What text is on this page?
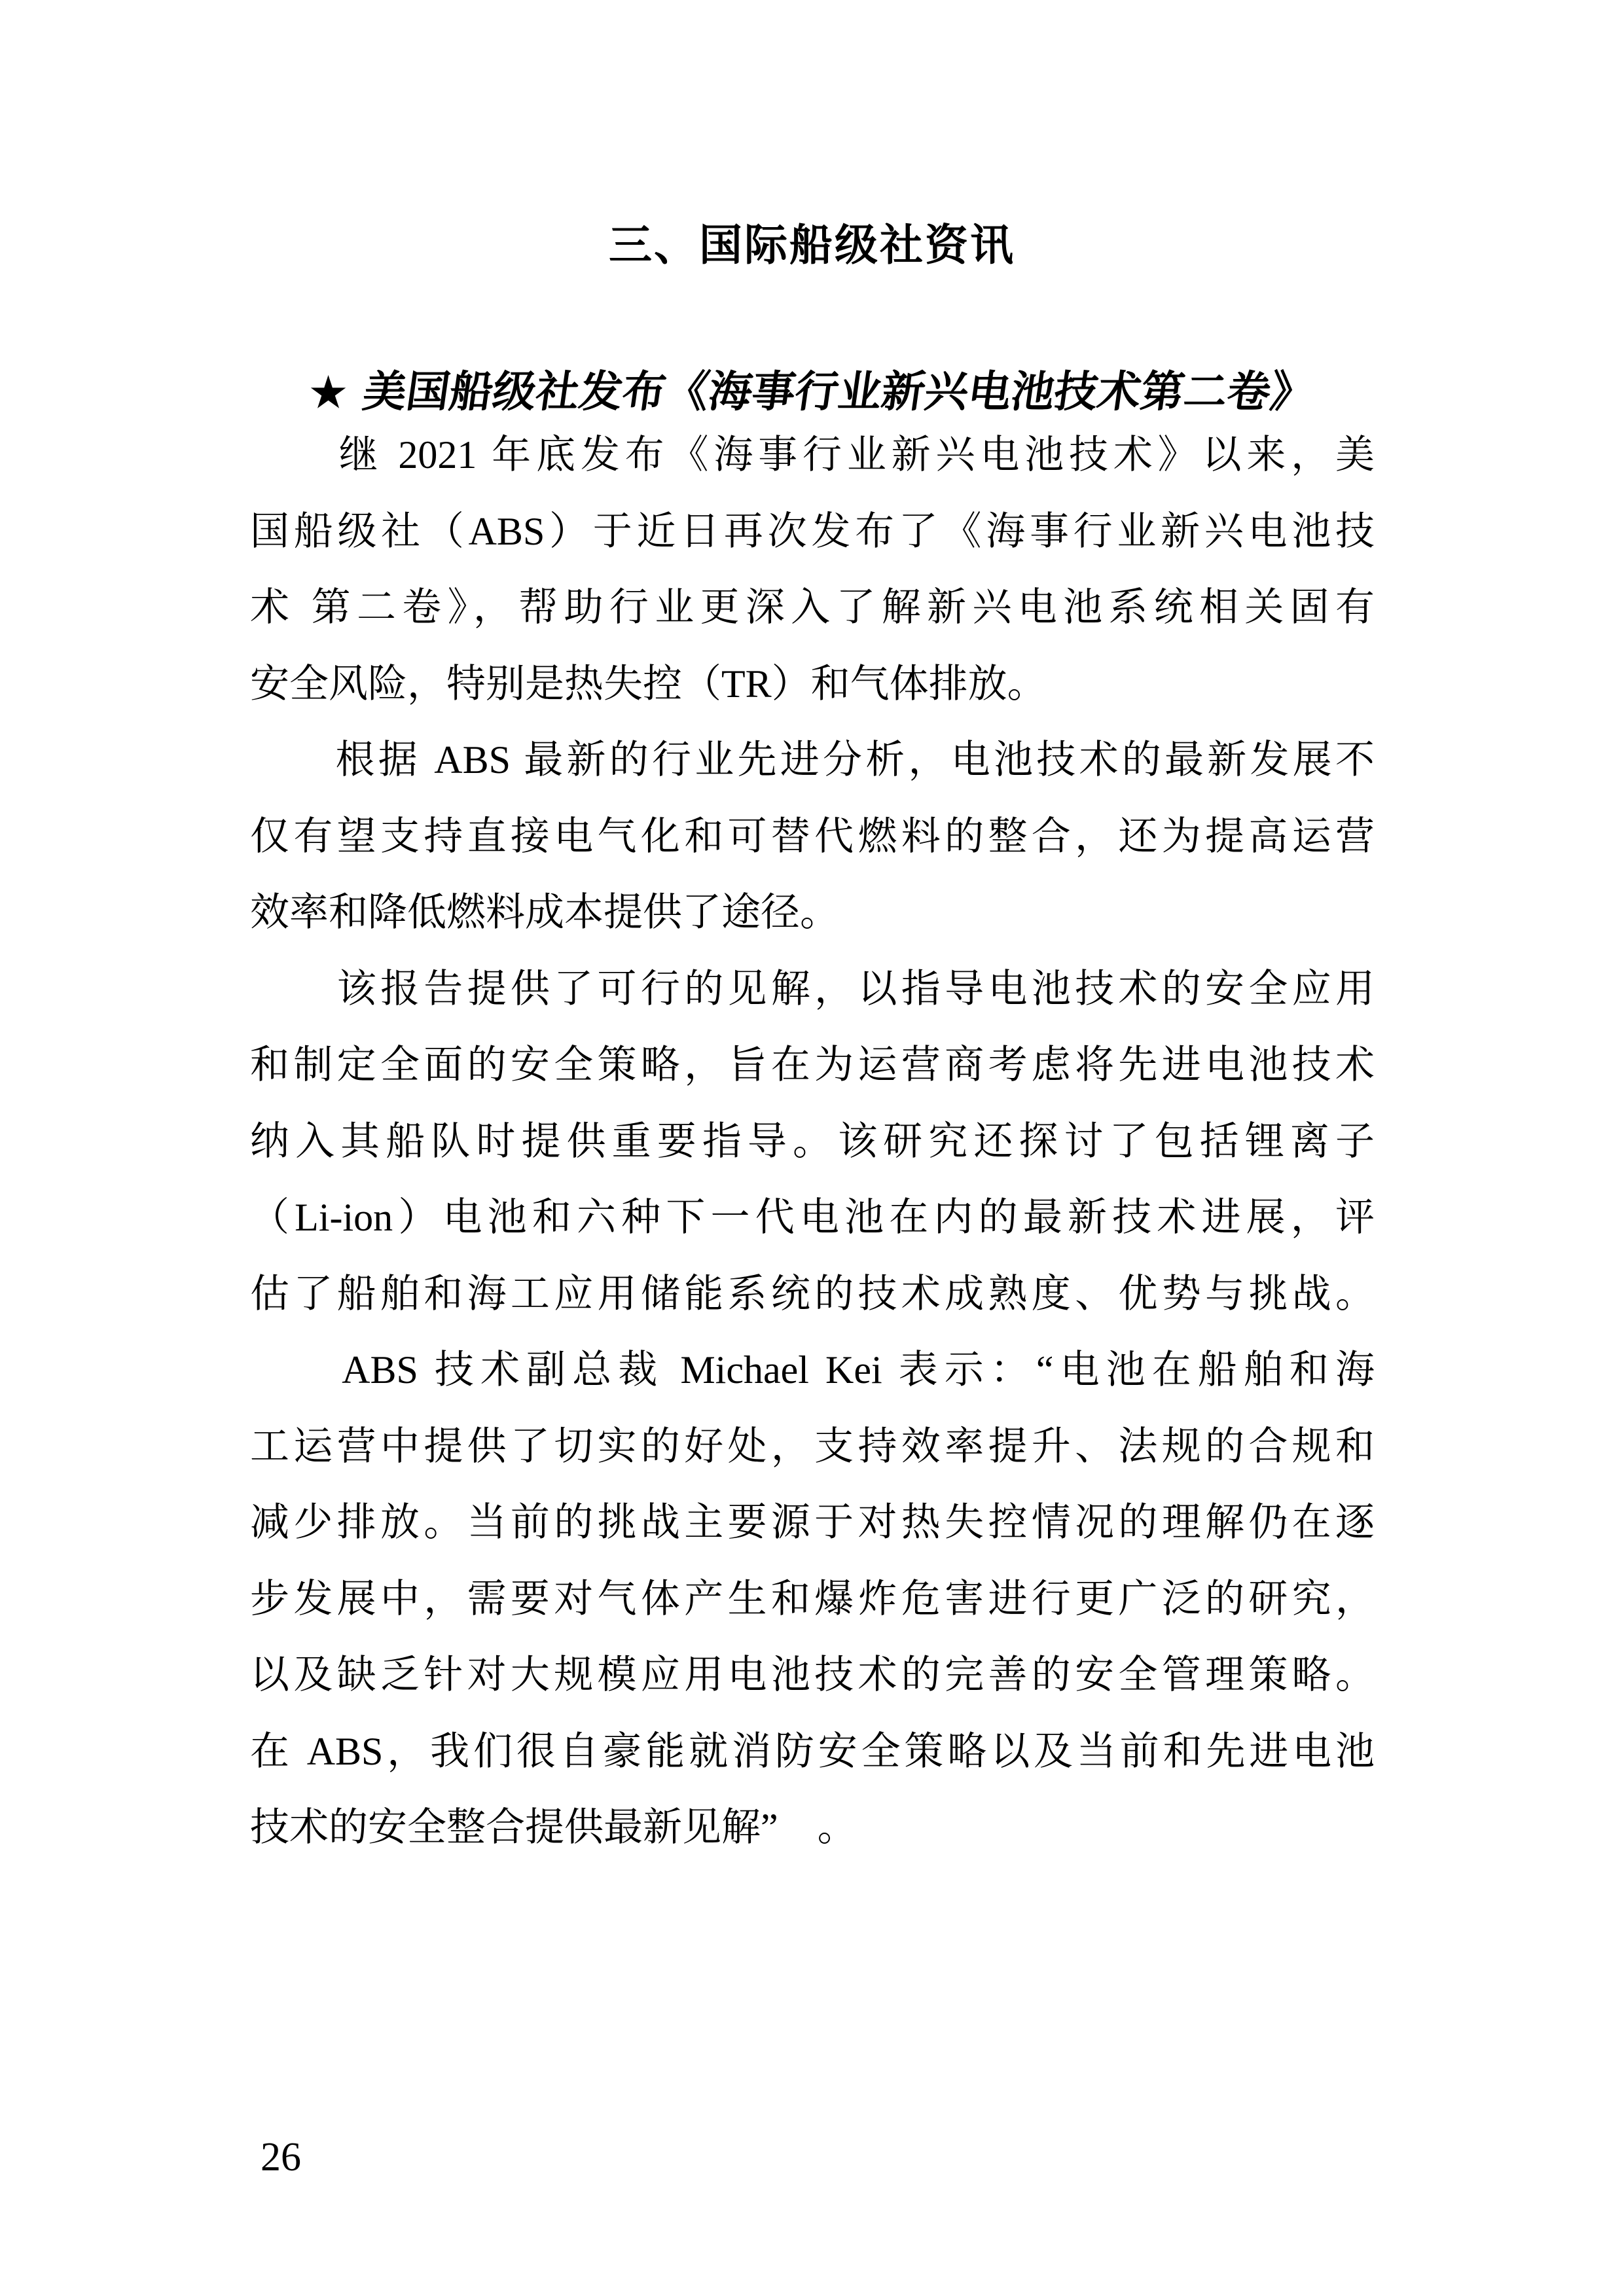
三、国际船级社资讯
★ 美国船级社发布《海事行业新兴电池技术第二卷》
　　继 2021 年底发布《海事行业新兴电池技术》以来，美
国船级社（ABS）于近日再次发布了《海事行业新兴电池技
术 第二卷》，帮助行业更深入了解新兴电池系统相关固有
安全风险，特别是热失控（TR）和气体排放。
　　根据 ABS 最新的行业先进分析，电池技术的最新发展不
仅有望支持直接电气化和可替代燃料的整合，还为提高运营
效率和降低燃料成本提供了途径。
　　该报告提供了可行的见解，以指导电池技术的安全应用
和制定全面的安全策略，旨在为运营商考虑将先进电池技术
纳入其船队时提供重要指导。该研究还探讨了包括锂离子
（Li-ion）电池和六种下一代电池在内的最新技术进展，评
估了船舶和海工应用储能系统的技术成熟度、优势与挑战。
　　ABS 技术副总裁 Michael Kei 表示：“电池在船舶和海
工运营中提供了切实的好处，支持效率提升、法规的合规和
减少排放。当前的挑战主要源于对热失控情况的理解仍在逐
步发展中，需要对气体产生和爆炸危害进行更广泛的研究，
以及缺乏针对大规模应用电池技术的完善的安全管理策略。
在 ABS，我们很自豪能就消防安全策略以及当前和先进电池
技术的安全整合提供最新见解”　。
26
